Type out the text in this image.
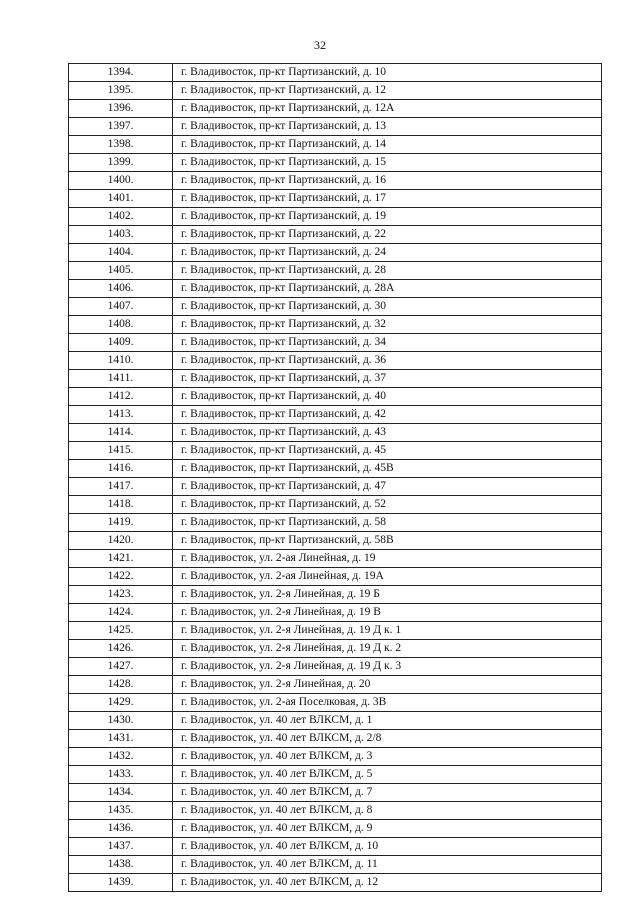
32
1394.	г. Владивосток, пр-кт Партизанский, д. 10
1395.	г. Владивосток, пр-кт Партизанский, д. 12
1396.	г. Владивосток, пр-кт Партизанский, д. 12А
1397.	г. Владивосток, пр-кт Партизанский, д. 13
1398.	г. Владивосток, пр-кт Партизанский, д. 14
1399.	г. Владивосток, пр-кт Партизанский, д. 15
1400.	г. Владивосток, пр-кт Партизанский, д. 16
1401.	г. Владивосток, пр-кт Партизанский, д. 17
1402.	г. Владивосток, пр-кт Партизанский, д. 19
1403.	г. Владивосток, пр-кт Партизанский, д. 22
1404.	г. Владивосток, пр-кт Партизанский, д. 24
1405.	г. Владивосток, пр-кт Партизанский, д. 28
1406.	г. Владивосток, пр-кт Партизанский, д. 28А
1407.	г. Владивосток, пр-кт Партизанский, д. 30
1408.	г. Владивосток, пр-кт Партизанский, д. 32
1409.	г. Владивосток, пр-кт Партизанский, д. 34
1410.	г. Владивосток, пр-кт Партизанский, д. 36
1411.	г. Владивосток, пр-кт Партизанский, д. 37
1412.	г. Владивосток, пр-кт Партизанский, д. 40
1413.	г. Владивосток, пр-кт Партизанский, д. 42
1414.	г. Владивосток, пр-кт Партизанский, д. 43
1415.	г. Владивосток, пр-кт Партизанский, д. 45
1416.	г. Владивосток, пр-кт Партизанский, д. 45В
1417.	г. Владивосток, пр-кт Партизанский, д. 47
1418.	г. Владивосток, пр-кт Партизанский, д. 52
1419.	г. Владивосток, пр-кт Партизанский, д. 58
1420.	г. Владивосток, пр-кт Партизанский, д. 58В
1421.	г. Владивосток, ул. 2-ая Линейная, д. 19
1422.	г. Владивосток, ул. 2-ая Линейная, д. 19А
1423.	г. Владивосток, ул. 2-я Линейная, д. 19 Б
1424.	г. Владивосток, ул. 2-я Линейная, д. 19 В
1425.	г. Владивосток, ул. 2-я Линейная, д. 19 Д к. 1
1426.	г. Владивосток, ул. 2-я Линейная, д. 19 Д к. 2
1427.	г. Владивосток, ул. 2-я Линейная, д. 19 Д к. 3
1428.	г. Владивосток, ул. 2-я Линейная, д. 20
1429.	г. Владивосток, ул. 2-ая Поселковая, д. 3В
1430.	г. Владивосток, ул. 40 лет ВЛКСМ, д. 1
1431.	г. Владивосток, ул. 40 лет ВЛКСМ, д. 2/8
1432.	г. Владивосток, ул. 40 лет ВЛКСМ, д. 3
1433.	г. Владивосток, ул. 40 лет ВЛКСМ, д. 5
1434.	г. Владивосток, ул. 40 лет ВЛКСМ, д. 7
1435.	г. Владивосток, ул. 40 лет ВЛКСМ, д. 8
1436.	г. Владивосток, ул. 40 лет ВЛКСМ, д. 9
1437.	г. Владивосток, ул. 40 лет ВЛКСМ, д. 10
1438.	г. Владивосток, ул. 40 лет ВЛКСМ, д. 11
1439.	г. Владивосток, ул. 40 лет ВЛКСМ, д. 12
